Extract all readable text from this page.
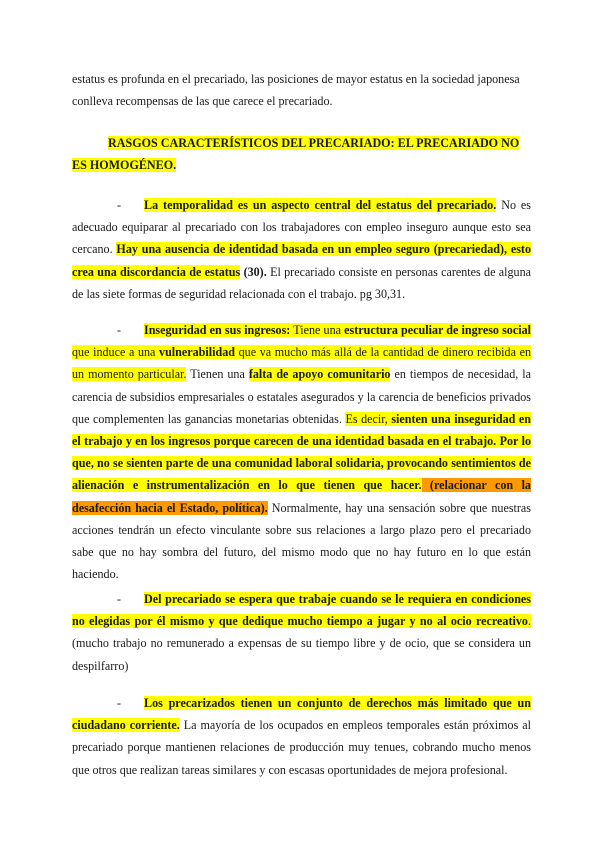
estatus es profunda en el precariado, las posiciones de mayor estatus en la sociedad japonesa
conlleva recompensas de las que carece el precariado.

RASGOS CARACTERÍSTICOS DEL PRECARIADO: EL PRECARIADO NO ES HOMOGÉNEO.

- La temporalidad es un aspecto central del estatus del precariado. No es adecuado equiparar al precariado con los trabajadores con empleo inseguro aunque esto sea cercano. Hay una ausencia de identidad basada en un empleo seguro (precariedad), esto crea una discordancia de estatus (30). El precariado consiste en personas carentes de alguna de las siete formas de seguridad relacionada con el trabajo. pg 30,31.

- Inseguridad en sus ingresos: Tiene una estructura peculiar de ingreso social que induce a una vulnerabilidad que va mucho más allá de la cantidad de dinero recibida en un momento particular. Tienen una falta de apoyo comunitario en tiempos de necesidad, la carencia de subsidios empresariales o estatales asegurados y la carencia de beneficios privados que complementen las ganancias monetarias obtenidas. Es decir, sienten una inseguridad en el trabajo y en los ingresos porque carecen de una identidad basada en el trabajo. Por lo que, no se sienten parte de una comunidad laboral solidaria, provocando sentimientos de alienación e instrumentalización en lo que tienen que hacer. (relacionar con la desafección hacia el Estado, política). Normalmente, hay una sensación sobre que nuestras acciones tendrán un efecto vinculante sobre sus relaciones a largo plazo pero el precariado sabe que no hay sombra del futuro, del mismo modo que no hay futuro en lo que están haciendo.

- Del precariado se espera que trabaje cuando se le requiera en condiciones no elegidas por él mismo y que dedique mucho tiempo a jugar y no al ocio recreativo. (mucho trabajo no remunerado a expensas de su tiempo libre y de ocio, que se considera un despilfarro)

- Los precarizados tienen un conjunto de derechos más limitado que un ciudadano corriente. La mayoría de los ocupados en empleos temporales están próximos al precariado porque mantienen relaciones de producción muy tenues, cobrando mucho menos que otros que realizan tareas similares y con escasas oportunidades de mejora profesional.
